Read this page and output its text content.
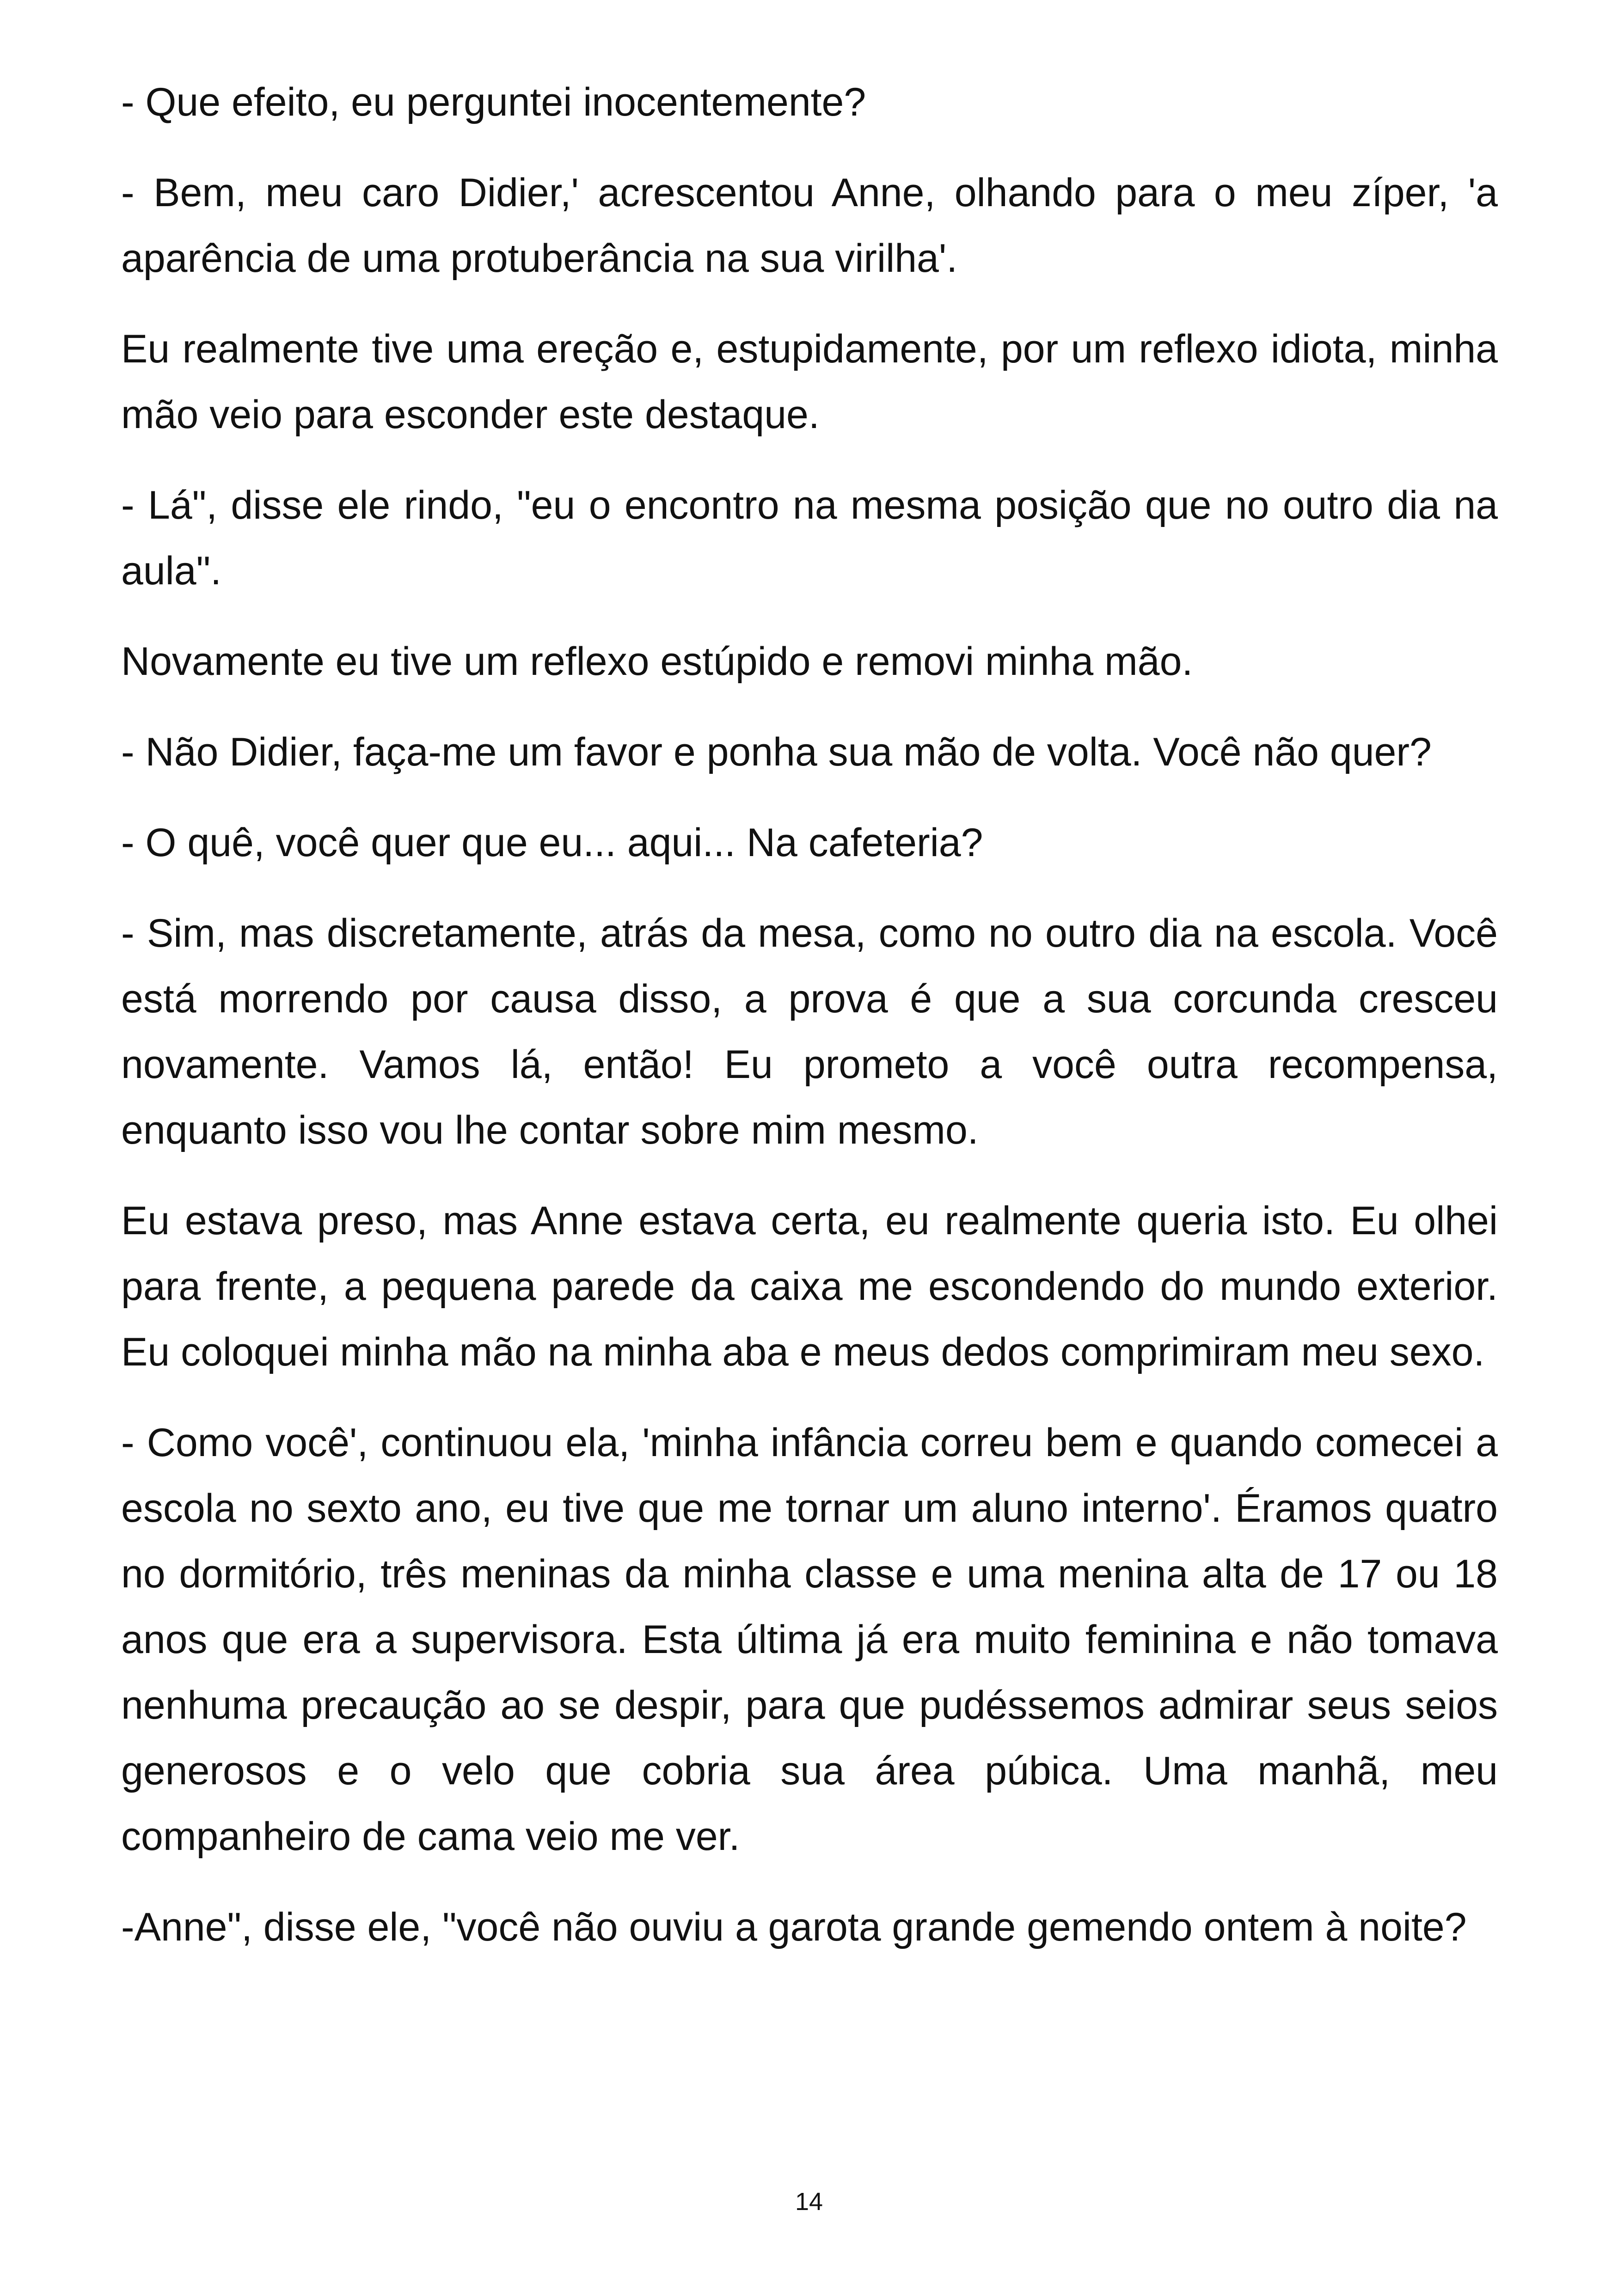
- Que efeito, eu perguntei inocentemente?

- Bem, meu caro Didier,' acrescentou Anne, olhando para o meu zíper, 'a aparência de uma protuberância na sua virilha'.

Eu realmente tive uma ereção e, estupidamente, por um reflexo idiota, minha mão veio para esconder este destaque.

- Lá", disse ele rindo, "eu o encontro na mesma posição que no outro dia na aula".

Novamente eu tive um reflexo estúpido e removi minha mão.

- Não Didier, faça-me um favor e ponha sua mão de volta. Você não quer?

- O quê, você quer que eu... aqui... Na cafeteria?

- Sim, mas discretamente, atrás da mesa, como no outro dia na escola. Você está morrendo por causa disso, a prova é que a sua corcunda cresceu novamente. Vamos lá, então! Eu prometo a você outra recompensa, enquanto isso vou lhe contar sobre mim mesmo.

Eu estava preso, mas Anne estava certa, eu realmente queria isto. Eu olhei para frente, a pequena parede da caixa me escondendo do mundo exterior. Eu coloquei minha mão na minha aba e meus dedos comprimiram meu sexo.

- Como você', continuou ela, 'minha infância correu bem e quando comecei a escola no sexto ano, eu tive que me tornar um aluno interno'. Éramos quatro no dormitório, três meninas da minha classe e uma menina alta de 17 ou 18 anos que era a supervisora. Esta última já era muito feminina e não tomava nenhuma precaução ao se despir, para que pudéssemos admirar seus seios generosos e o velo que cobria sua área púbica. Uma manhã, meu companheiro de cama veio me ver.

-Anne", disse ele, "você não ouviu a garota grande gemendo ontem à noite?

14
